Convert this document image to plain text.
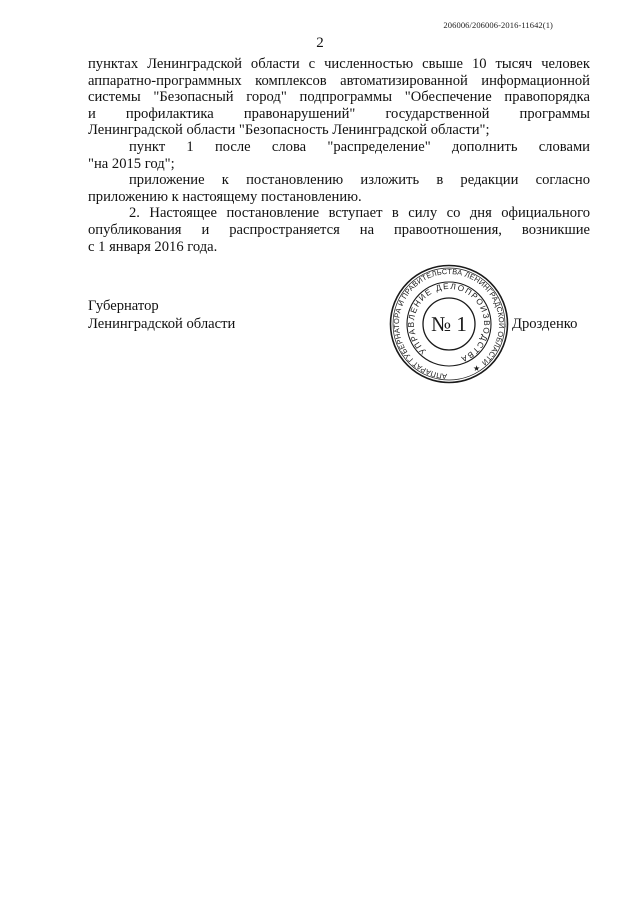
206006/206006-2016-11642(1)
2

пунктах Ленинградской области с численностью свыше 10 тысяч человек
аппаратно-программных комплексов автоматизированной информационной
системы "Безопасный город" подпрограммы "Обеспечение правопорядка
и профилактика правонарушений" государственной программы
Ленинградской области "Безопасность Ленинградской области";

пункт 1 после слова "распределение" дополнить словами
"на 2015 год";

приложение к постановлению изложить в редакции согласно
приложению к настоящему постановлению.

2. Настоящее постановление вступает в силу со дня официального
опубликования и распространяется на правоотношения, возникшие
с 1 января 2016 года.

Губернатор
Ленинградской области	Дрозденко
АППАРАТ ГУБЕРНАТОРА И ПРАВИТЕЛЬСТВА ЛЕНИНГРАДСКОЙ ОБЛАСТИ
УПРАВЛЕНИЕ ДЕЛОПРОИЗВОДСТВА
№ 1
★
